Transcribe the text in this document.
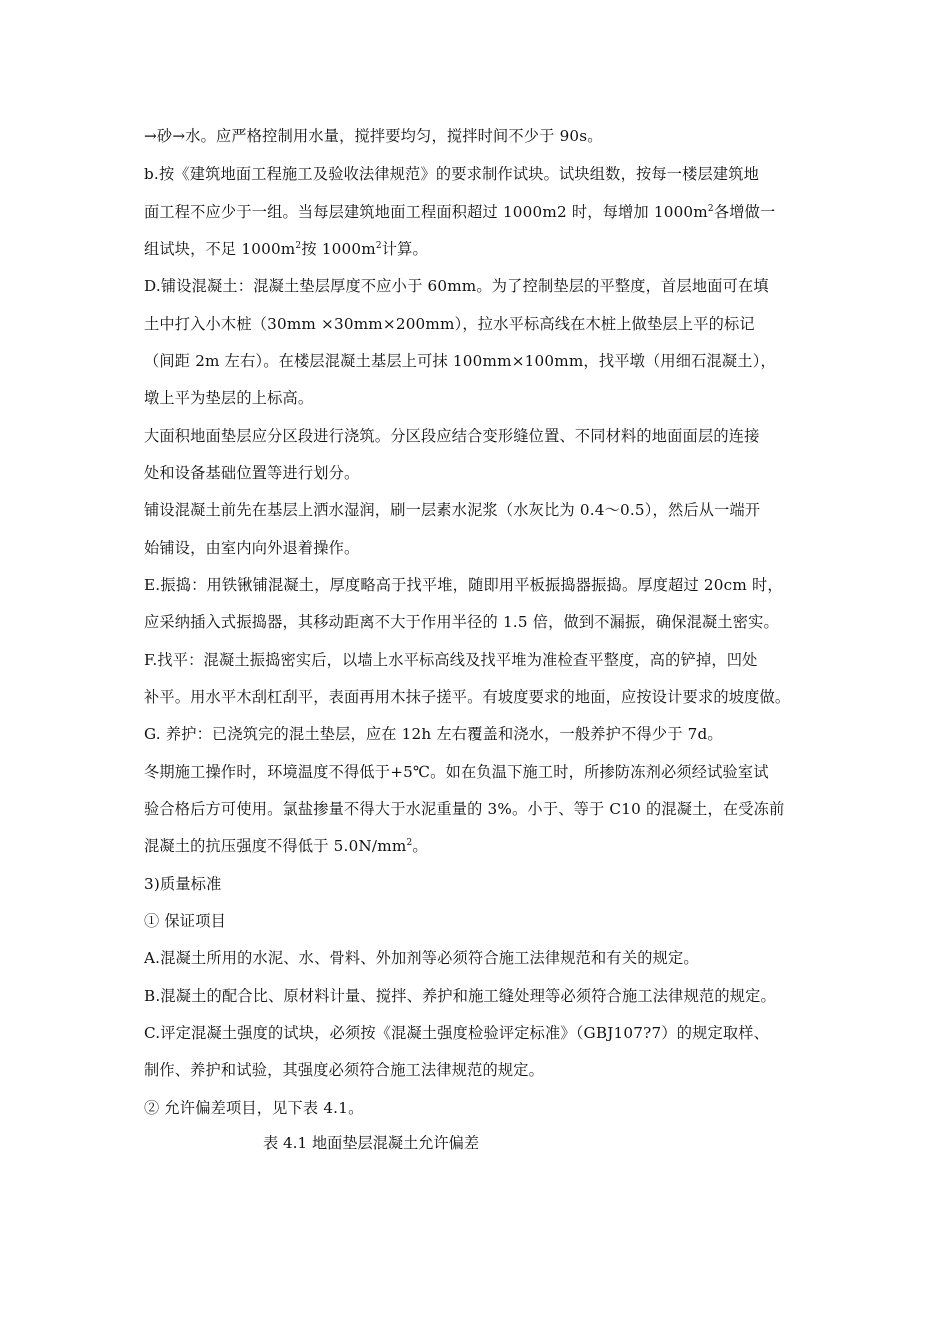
→砂→水。应严格控制用水量，搅拌要均匀，搅拌时间不少于 90s。
b.按《建筑地面工程施工及验收法律规范》的要求制作试块。试块组数，按每一楼层建筑地
面工程不应少于一组。当每层建筑地面工程面积超过 1000m2 时，每增加 $1000m^2$各增做一
组试块，不足 $1000m^2$按 $1000m^2$计算。
D.铺设混凝土：混凝土垫层厚度不应小于 60mm。为了控制垫层的平整度，首层地面可在填
土中打入小木桩（30mm ×30mm×200mm），拉水平标高线在木桩上做垫层上平的标记
（间距 2m 左右）。在楼层混凝土基层上可抹 100mm×100mm，找平墩（用细石混凝土），
墩上平为垫层的上标高。
大面积地面垫层应分区段进行浇筑。分区段应结合变形缝位置、不同材料的地面面层的连接
处和设备基础位置等进行划分。
铺设混凝土前先在基层上洒水湿润，刷一层素水泥浆（水灰比为 0.4～0.5），然后从一端开
始铺设，由室内向外退着操作。
E.振捣：用铁锹铺混凝土，厚度略高于找平堆，随即用平板振捣器振捣。厚度超过 20cm 时，
应采纳插入式振捣器，其移动距离不大于作用半径的 1.5 倍，做到不漏振，确保混凝土密实。
F.找平：混凝土振捣密实后，以墙上水平标高线及找平堆为准检查平整度，高的铲掉，凹处
补平。用水平木刮杠刮平，表面再用木抹子搓平。有坡度要求的地面，应按设计要求的坡度做。
G. 养护：已浇筑完的混土垫层，应在 12h 左右覆盖和浇水，一般养护不得少于 7d。
冬期施工操作时，环境温度不得低于+5℃。如在负温下施工时，所掺防冻剂必须经试验室试
验合格后方可使用。氯盐掺量不得大于水泥重量的 3%。小于、等于 C10 的混凝土，在受冻前
混凝土的抗压强度不得低于 $5.0N/mm^2$。
3)质量标准
① 保证项目
A.混凝土所用的水泥、水、骨料、外加剂等必须符合施工法律规范和有关的规定。
B.混凝土的配合比、原材料计量、搅拌、养护和施工缝处理等必须符合施工法律规范的规定。
C.评定混凝土强度的试块，必须按《混凝土强度检验评定标准》（GBJ107?7）的规定取样、
制作、养护和试验，其强度必须符合施工法律规范的规定。
② 允许偏差项目，见下表 4.1。
表 4.1 地面垫层混凝土允许偏差
